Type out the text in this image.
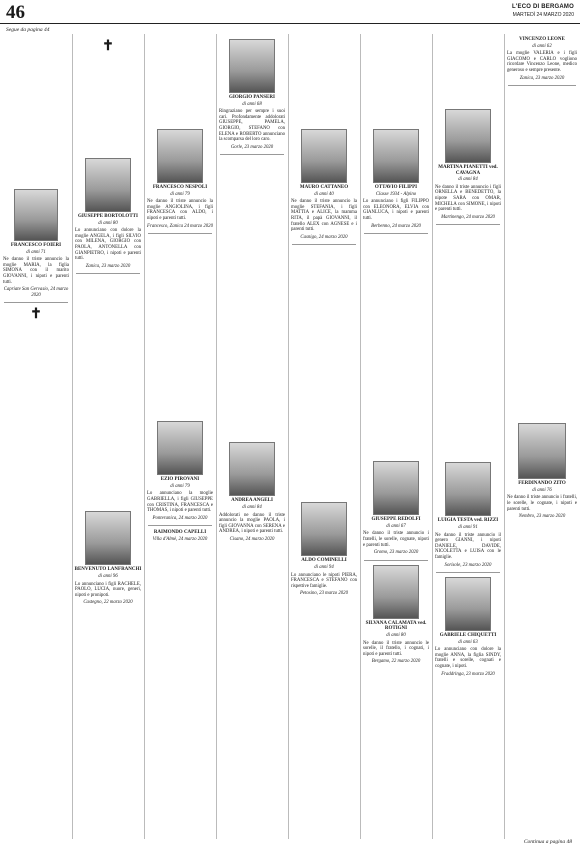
46	L'ECO DI BERGAMO
MARTEDÌ 24 MARZO 2020
Segue da pagina 44
FRANCESCO FOIERI
di anni 71
Ne danno il triste annuncio la moglie MARIA, la figlia SIMONA con il marito GIOVANNI, i nipoti e parenti tutti.
Capriate San Gervasio, 24 marzo 2020
✝
✝
GIUSEPPE BORTOLOTTI
di anni 80
Lo annunciano con dolore la moglie ANGELA, i figli SILVIO con MILENA, GIORGIO con PAOLA, ANTONELLA con GIANPIETRO, i nipoti e parenti tutti.
Zanica, 23 marzo 2020
BENVENUTO LANFRANCHI
di anni 96
Lo annunciano i figli RACHELE, PAOLO, LUCIA, nuore, generi, nipoti e pronipoti.
Castegno, 22 marzo 2020
FRANCESCO NESPOLI
di anni 79
Ne danno il triste annuncio la moglie ANGIOLINA, i figli FRANCESCA con ALDO, i nipoti e parenti tutti.
Francesco, Zanica 24 marzo 2020
EZIO PIROVANI
di anni 79
Lo annunciano la moglie GABRIELLA, i figli GIUSEPPE con CRISTINA, FRANCESCA e THOMAS, i nipoti e parenti tutti.
Ponteranica, 24 marzo 2020
RAIMONDO CAPELLI
Villa d'Almè, 24 marzo 2020
GIORGIO PANSERI
di anni 68
Ringraziano per sempre i suoi cari. Profondamente addolorati GIUSEPPE, PAMELA, GIORGIO, STEFANO con ELENA e ROBERTO annunciano la scomparsa del loro caro.
Gorle, 23 marzo 2020
ANDREA ANGELI
di anni 84
Addolorati ne danno il triste annuncio la moglie PAOLA, i figli GIOVANNA con SERENA e ANDREA, i nipoti e parenti tutti.
Cisano, 24 marzo 2020
MAURO CATTANEO
di anni 40
Ne danno il triste annuncio la moglie STEFANIA, i figli MATTIA e ALICE, la mamma RITA, il papà GIOVANNI, il fratello ALEX con AGNESE e i parenti tutti.
Casnigo, 24 marzo 2020
ALDO COMINELLI
di anni 94
Lo annunciano le nipoti PIERA, FRANCESCA e STEFANO con rispettive famiglie.
Petosino, 23 marzo 2020
OTTAVIO FILIPPI
Classe 1934 - Alpino
Lo annunciano i figli FILIPPO con ELEONORA, ELVIA con GIANLUCA, i nipoti e parenti tutti.
Berbenno, 24 marzo 2020
GIUSEPPE REDOLFI
di anni 67
Ne danno il triste annuncio i fratelli, le sorelle, cognate, nipoti e parenti tutti.
Gromo, 23 marzo 2020
SILVANA CALAMATA ved. ROTIGNI
di anni 80
Ne danno il triste annuncio le sorelle, il fratello, i cognati, i nipoti e parenti tutti.
Bergamo, 22 marzo 2020
MARTINA PIANETTI ved. CAVAGNA
di anni 84
Ne danno il triste annuncio i figli ORNELLA e BENEDETTO, la nipote SARA con OMAR, MICHELA con SIMONE, i nipoti e parenti tutti.
Martinengo, 24 marzo 2020
LUIGIA TESTA ved. RIZZI
di anni 91
Ne danno il triste annuncio il genero GIANNI, i nipoti DANIELE, DAVIDE, NICOLETTA e LUISA con le famiglie.
Sorisole, 23 marzo 2020
GABRIELE CHIQUETTI
di anni 63
Lo annunciano con dolore la moglie ANNA, la figlia SINDY, fratelli e sorelle, cognati e cognate, i nipoti.
Fraddringa, 23 marzo 2020
VINCENZO LEONE
di anni 62
La moglie VALERIA e i figli GIACOMO e CARLO vogliono ricordare Vincenzo Leone, medico generoso e sempre presente.
Zanica, 23 marzo 2020
FERDINANDO ZITO
di anni 76
Ne danno il triste annuncio i fratelli, le sorelle, le cognate, i nipoti e parenti tutti.
Nembro, 23 marzo 2020
Continua a pagina 48
